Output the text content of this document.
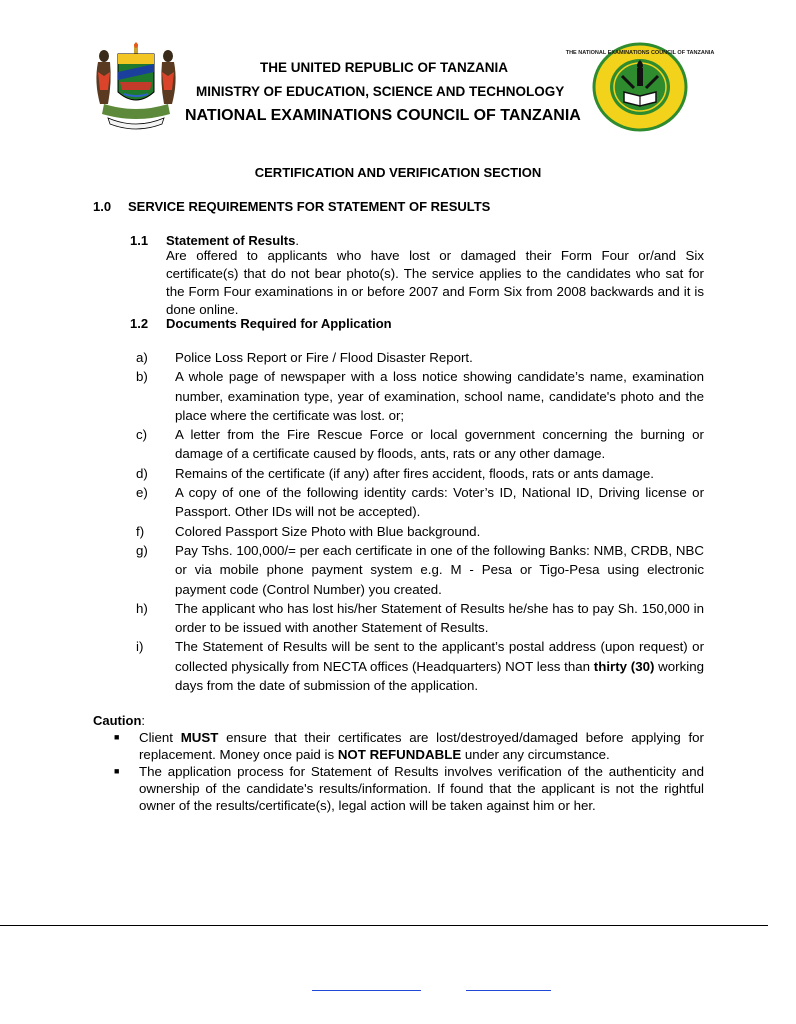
THE UNITED REPUBLIC OF TANZANIA
MINISTRY OF EDUCATION, SCIENCE AND TECHNOLOGY
NATIONAL EXAMINATIONS COUNCIL OF TANZANIA
THE NATIONAL EXAMINATIONS COUNCIL OF TANZANIA
CERTIFICATION AND VERIFICATION SECTION
1.0 SERVICE REQUIREMENTS FOR STATEMENT OF RESULTS
1.1 Statement of Results.
Are offered to applicants who have lost or damaged their Form Four or/and Six certificate(s) that do not bear photo(s). The service applies to the candidates who sat for the Form Four examinations in or before 2007 and Form Six from 2008 backwards and it is done online.
1.2 Documents Required for Application
a)	Police Loss Report or Fire / Flood Disaster Report.
b)	A whole page of newspaper with a loss notice showing candidate’s name, examination number, examination type, year of examination, school name, candidate's photo and the place where the certificate was lost. or;
c)	A letter from the Fire Rescue Force or local government concerning the burning or damage of a certificate caused by floods, ants, rats or any other damage.
d)	Remains of the certificate (if any) after fires accident, floods, rats or ants damage.
e)	A copy of one of the following identity cards: Voter’s ID, National ID, Driving license or Passport. Other IDs will not be accepted).
f)	Colored Passport Size Photo with Blue background.
g)	Pay Tshs. 100,000/= per each certificate in one of the following Banks: NMB, CRDB, NBC or via mobile phone payment system e.g. M - Pesa or Tigo-Pesa using electronic payment code (Control Number) you created.
h)	The applicant who has lost his/her Statement of Results he/she has to pay Sh. 150,000 in order to be issued with another Statement of Results.
i)	The Statement of Results will be sent to the applicant’s postal address (upon request) or collected physically from NECTA offices (Headquarters) NOT less than thirty (30) working days from the date of submission of the application.
Caution:
■	Client MUST ensure that their certificates are lost/destroyed/damaged before applying for replacement. Money once paid is NOT REFUNDABLE under any circumstance.
■	The application process for Statement of Results involves verification of the authenticity and ownership of the candidate's results/information. If found that the applicant is not the rightful owner of the results/certificate(s), legal action will be taken against him or her.
